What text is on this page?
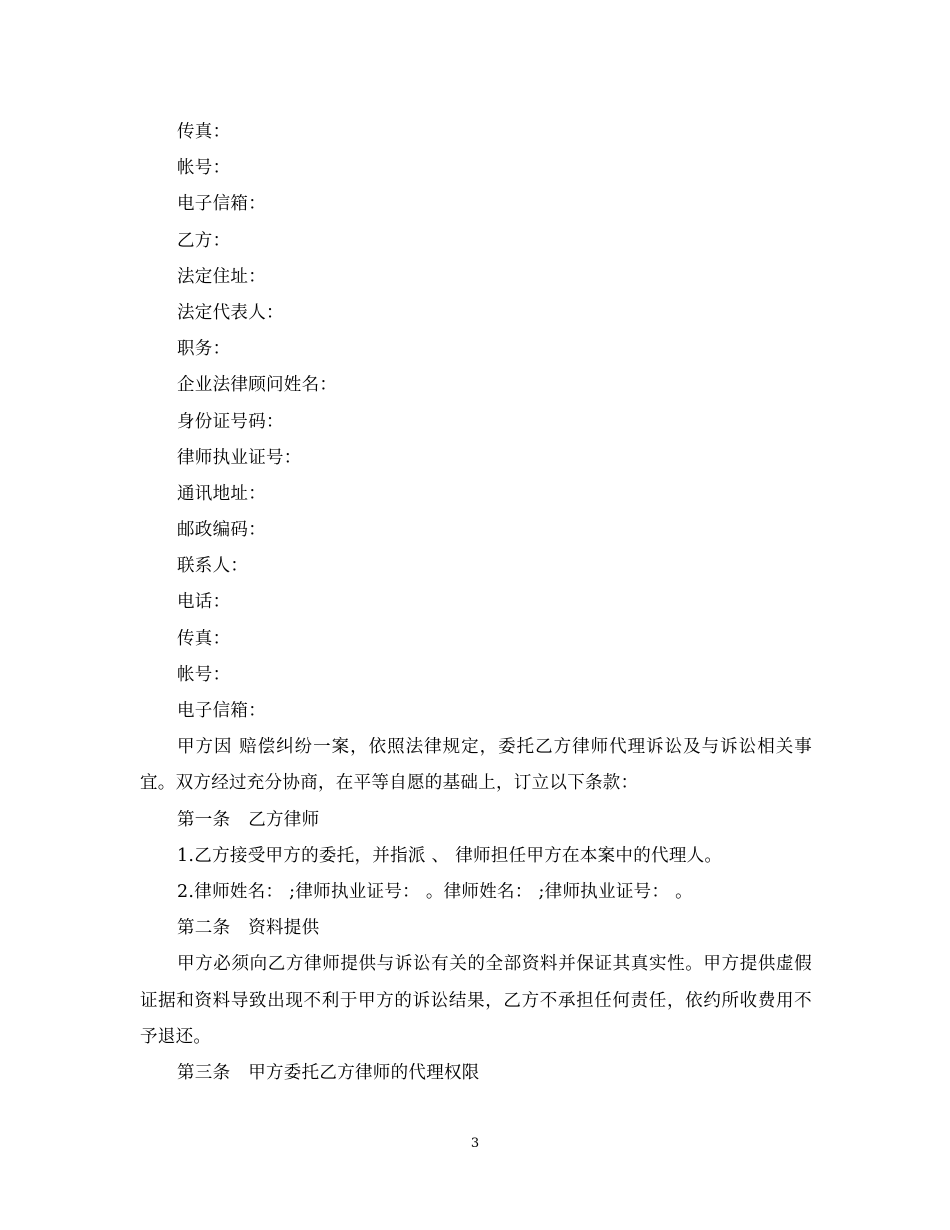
传真：
帐号：
电子信箱：
乙方：
法定住址：
法定代表人：
职务：
企业法律顾问姓名：
身份证号码：
律师执业证号：
通讯地址：
邮政编码：
联系人：
电话：
传真：
帐号：
电子信箱：

甲方因 赔偿纠纷一案，依照法律规定，委托乙方律师代理诉讼及与诉讼相关事宜。双方经过充分协商，在平等自愿的基础上，订立以下条款：

第一条　乙方律师
1.乙方接受甲方的委托，并指派 、 律师担任甲方在本案中的代理人。
2.律师姓名： ;律师执业证号： 。律师姓名： ;律师执业证号： 。
第二条　资料提供

甲方必须向乙方律师提供与诉讼有关的全部资料并保证其真实性。甲方提供虚假证据和资料导致出现不利于甲方的诉讼结果，乙方不承担任何责任，依约所收费用不予退还。

第三条　甲方委托乙方律师的代理权限
3
